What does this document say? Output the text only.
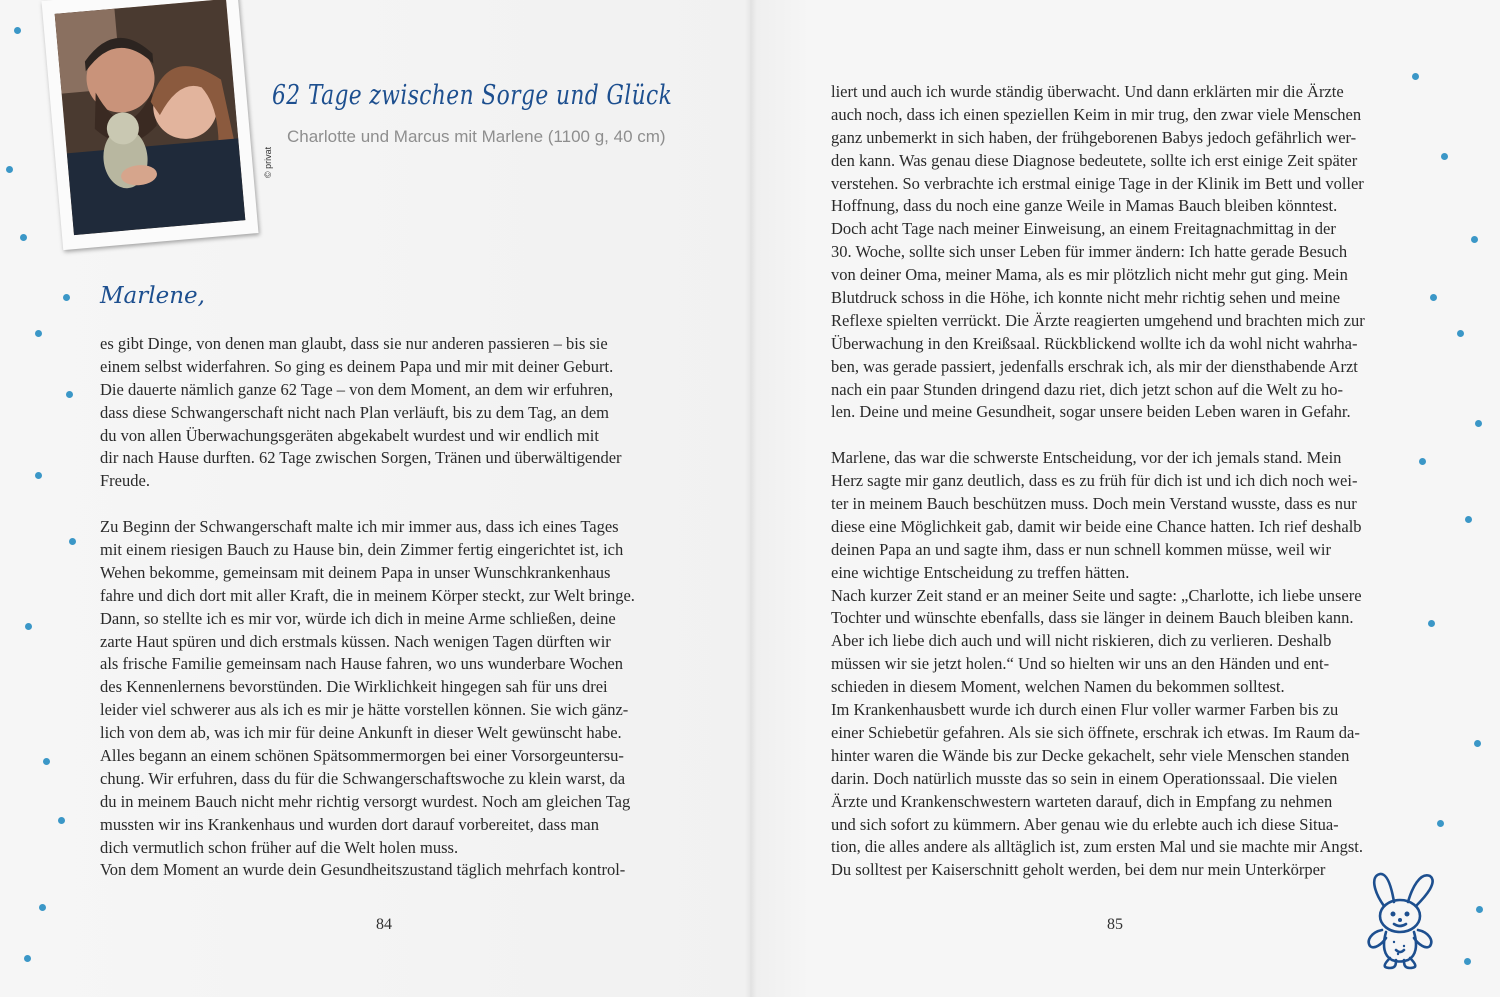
© privat
62 Tage zwischen Sorge und Glück
Charlotte und Marcus mit Marlene (1100 g, 40 cm)
Marlene,
es gibt Dinge, von denen man glaubt, dass sie nur anderen passieren – bis sie
einem selbst widerfahren. So ging es deinem Papa und mir mit deiner Geburt.
Die dauerte nämlich ganze 62 Tage – von dem Moment, an dem wir erfuhren,
dass diese Schwangerschaft nicht nach Plan verläuft, bis zu dem Tag, an dem
du von allen Überwachungsgeräten abgekabelt wurdest und wir endlich mit
dir nach Hause durften. 62 Tage zwischen Sorgen, Tränen und überwältigender
Freude.
Zu Beginn der Schwangerschaft malte ich mir immer aus, dass ich eines Tages
mit einem riesigen Bauch zu Hause bin, dein Zimmer fertig eingerichtet ist, ich
Wehen bekomme, gemeinsam mit deinem Papa in unser Wunschkrankenhaus
fahre und dich dort mit aller Kraft, die in meinem Körper steckt, zur Welt bringe.
Dann, so stellte ich es mir vor, würde ich dich in meine Arme schließen, deine
zarte Haut spüren und dich erstmals küssen. Nach wenigen Tagen dürften wir
als frische Familie gemeinsam nach Hause fahren, wo uns wunderbare Wochen
des Kennenlernens bevorstünden. Die Wirklichkeit hingegen sah für uns drei
leider viel schwerer aus als ich es mir je hätte vorstellen können. Sie wich gänz-
lich von dem ab, was ich mir für deine Ankunft in dieser Welt gewünscht habe.
Alles begann an einem schönen Spätsommermorgen bei einer Vorsorgeuntersu-
chung. Wir erfuhren, dass du für die Schwangerschaftswoche zu klein warst, da
du in meinem Bauch nicht mehr richtig versorgt wurdest. Noch am gleichen Tag
mussten wir ins Krankenhaus und wurden dort darauf vorbereitet, dass man
dich vermutlich schon früher auf die Welt holen muss.
Von dem Moment an wurde dein Gesundheitszustand täglich mehrfach kontrol-
liert und auch ich wurde ständig überwacht. Und dann erklärten mir die Ärzte
auch noch, dass ich einen speziellen Keim in mir trug, den zwar viele Menschen
ganz unbemerkt in sich haben, der frühgeborenen Babys jedoch gefährlich wer-
den kann. Was genau diese Diagnose bedeutete, sollte ich erst einige Zeit später
verstehen. So verbrachte ich erstmal einige Tage in der Klinik im Bett und voller
Hoffnung, dass du noch eine ganze Weile in Mamas Bauch bleiben könntest.
Doch acht Tage nach meiner Einweisung, an einem Freitagnachmittag in der
30. Woche, sollte sich unser Leben für immer ändern: Ich hatte gerade Besuch
von deiner Oma, meiner Mama, als es mir plötzlich nicht mehr gut ging. Mein
Blutdruck schoss in die Höhe, ich konnte nicht mehr richtig sehen und meine
Reflexe spielten verrückt. Die Ärzte reagierten umgehend und brachten mich zur
Überwachung in den Kreißsaal. Rückblickend wollte ich da wohl nicht wahrha-
ben, was gerade passiert, jedenfalls erschrak ich, als mir der diensthabende Arzt
nach ein paar Stunden dringend dazu riet, dich jetzt schon auf die Welt zu ho-
len. Deine und meine Gesundheit, sogar unsere beiden Leben waren in Gefahr.
Marlene, das war die schwerste Entscheidung, vor der ich jemals stand. Mein
Herz sagte mir ganz deutlich, dass es zu früh für dich ist und ich dich noch wei-
ter in meinem Bauch beschützen muss. Doch mein Verstand wusste, dass es nur
diese eine Möglichkeit gab, damit wir beide eine Chance hatten. Ich rief deshalb
deinen Papa an und sagte ihm, dass er nun schnell kommen müsse, weil wir
eine wichtige Entscheidung zu treffen hätten.
Nach kurzer Zeit stand er an meiner Seite und sagte: „Charlotte, ich liebe unsere
Tochter und wünschte ebenfalls, dass sie länger in deinem Bauch bleiben kann.
Aber ich liebe dich auch und will nicht riskieren, dich zu verlieren. Deshalb
müssen wir sie jetzt holen.“ Und so hielten wir uns an den Händen und ent-
schieden in diesem Moment, welchen Namen du bekommen solltest.
Im Krankenhausbett wurde ich durch einen Flur voller warmer Farben bis zu
einer Schiebetür gefahren. Als sie sich öffnete, erschrak ich etwas. Im Raum da-
hinter waren die Wände bis zur Decke gekachelt, sehr viele Menschen standen
darin. Doch natürlich musste das so sein in einem Operationssaal. Die vielen
Ärzte und Krankenschwestern warteten darauf, dich in Empfang zu nehmen
und sich sofort zu kümmern. Aber genau wie du erlebte auch ich diese Situa-
tion, die alles andere als alltäglich ist, zum ersten Mal und sie machte mir Angst.
Du solltest per Kaiserschnitt geholt werden, bei dem nur mein Unterkörper
84	85
